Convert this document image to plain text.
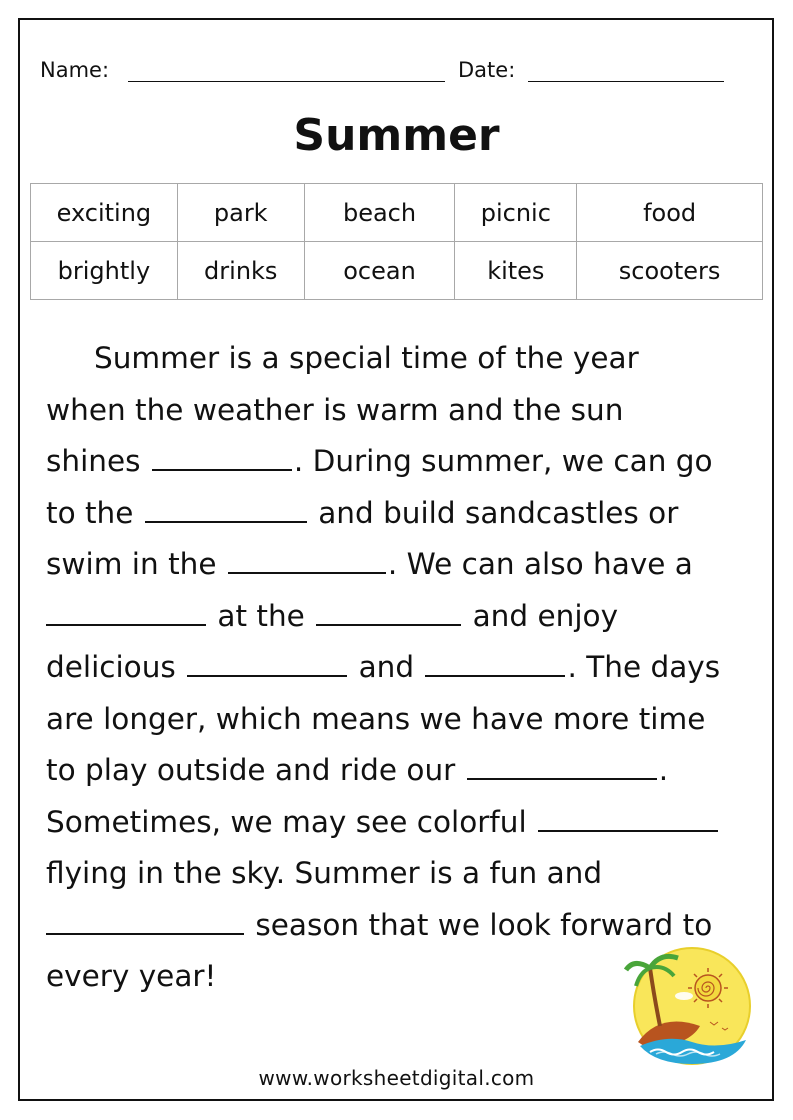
Name:	Date:
Summer
exciting	park	beach	picnic	food
brightly	drinks	ocean	kites	scooters
Summer is a special time of the year
when the weather is warm and the sun
shines	. During summer, we can go
to the	and build sandcastles or
swim in the	. We can also have a
at the	and enjoy
delicious	and	. The days
are longer, which means we have more time
to play outside and ride our	.
Sometimes, we may see colorful
flying in the sky. Summer is a fun and
season that we look forward to
every year!
www.worksheetdigital.com
